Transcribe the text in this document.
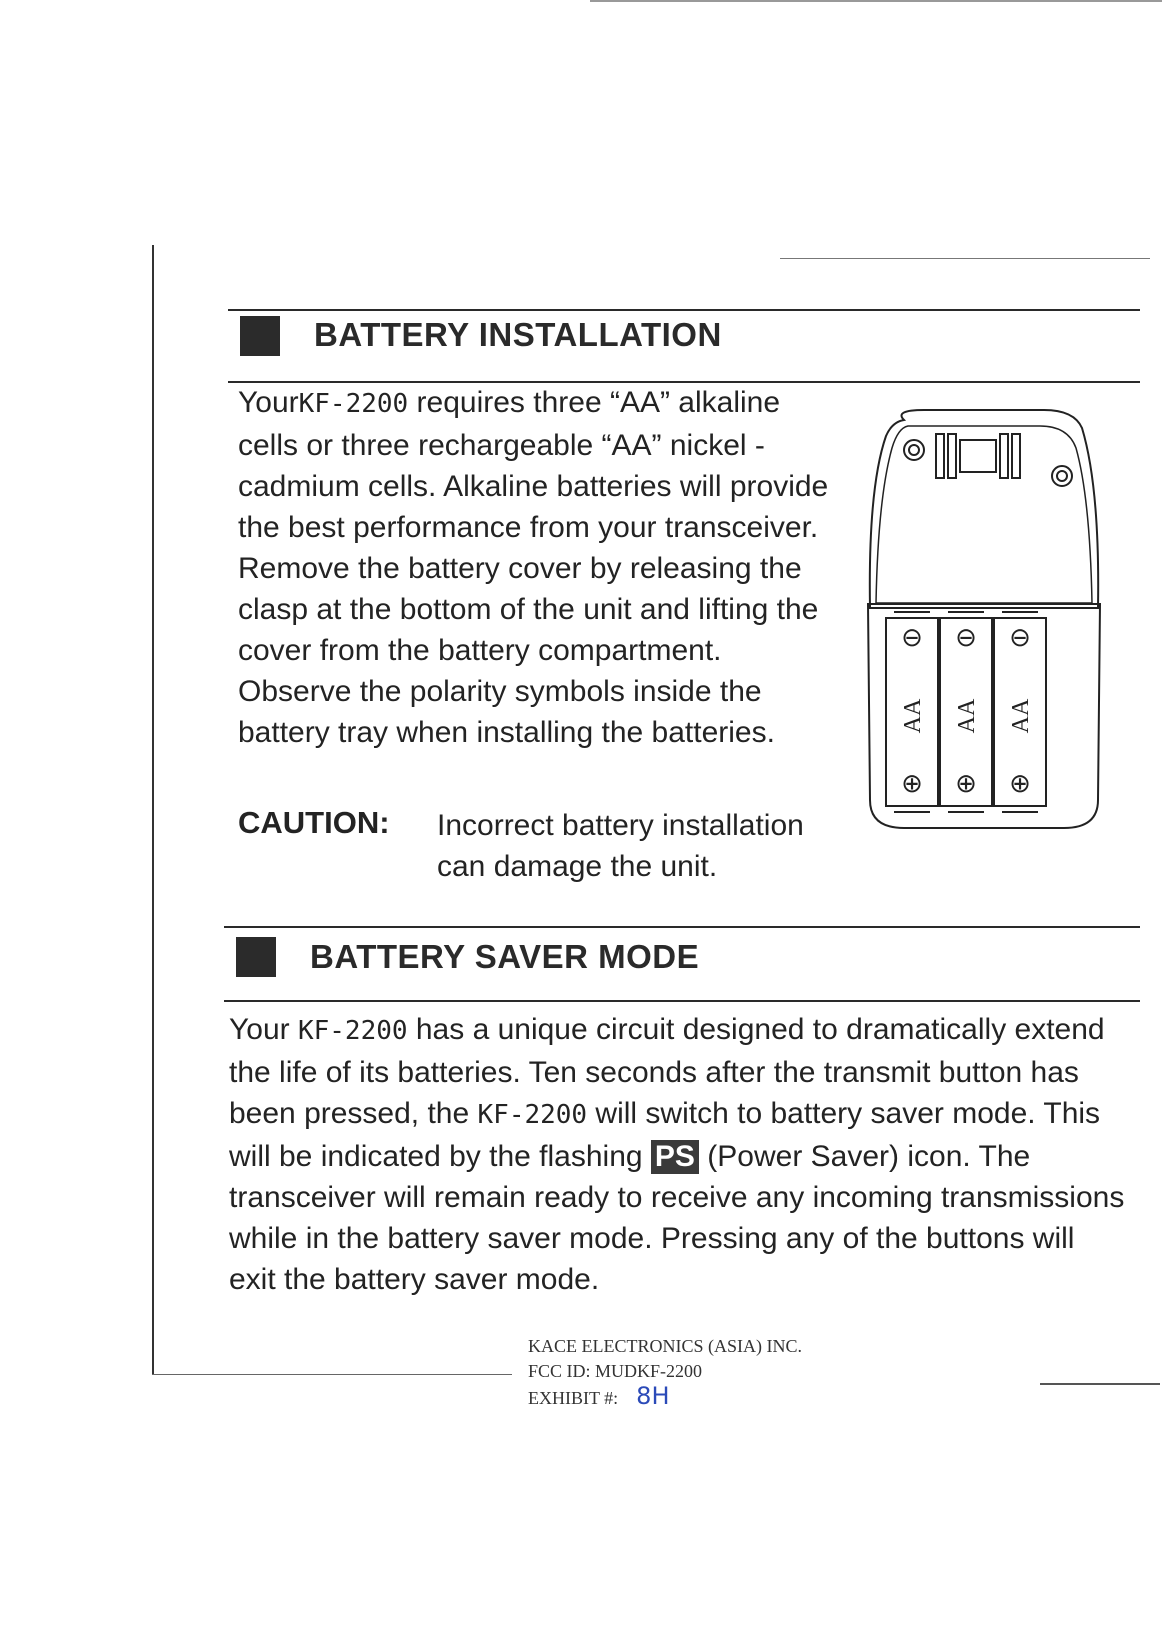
BATTERY INSTALLATION
YourKF-2200 requires three “AA” alkaline cells or three rechargeable “AA” nickel - cadmium cells. Alkaline batteries will provide the best performance from your transceiver. Remove the battery cover by releasing the clasp at the bottom of the unit and lifting the cover from the battery compartment. Observe the polarity symbols inside the battery tray when installing the batteries.
CAUTION: Incorrect battery installation can damage the unit.
⊖ ⊖ ⊖
⊕ ⊕ ⊕
AA AA AA
BATTERY SAVER MODE
Your KF-2200 has a unique circuit designed to dramatically extend the life of its batteries. Ten seconds after the transmit button has been pressed, the KF-2200 will switch to battery saver mode. This will be indicated by the flashing PS (Power Saver) icon. The transceiver will remain ready to receive any incoming transmissions while in the battery saver mode. Pressing any of the buttons will exit the battery saver mode.
KACE ELECTRONICS (ASIA) INC.
FCC ID: MUDKF-2200
EXHIBIT #: 8H
